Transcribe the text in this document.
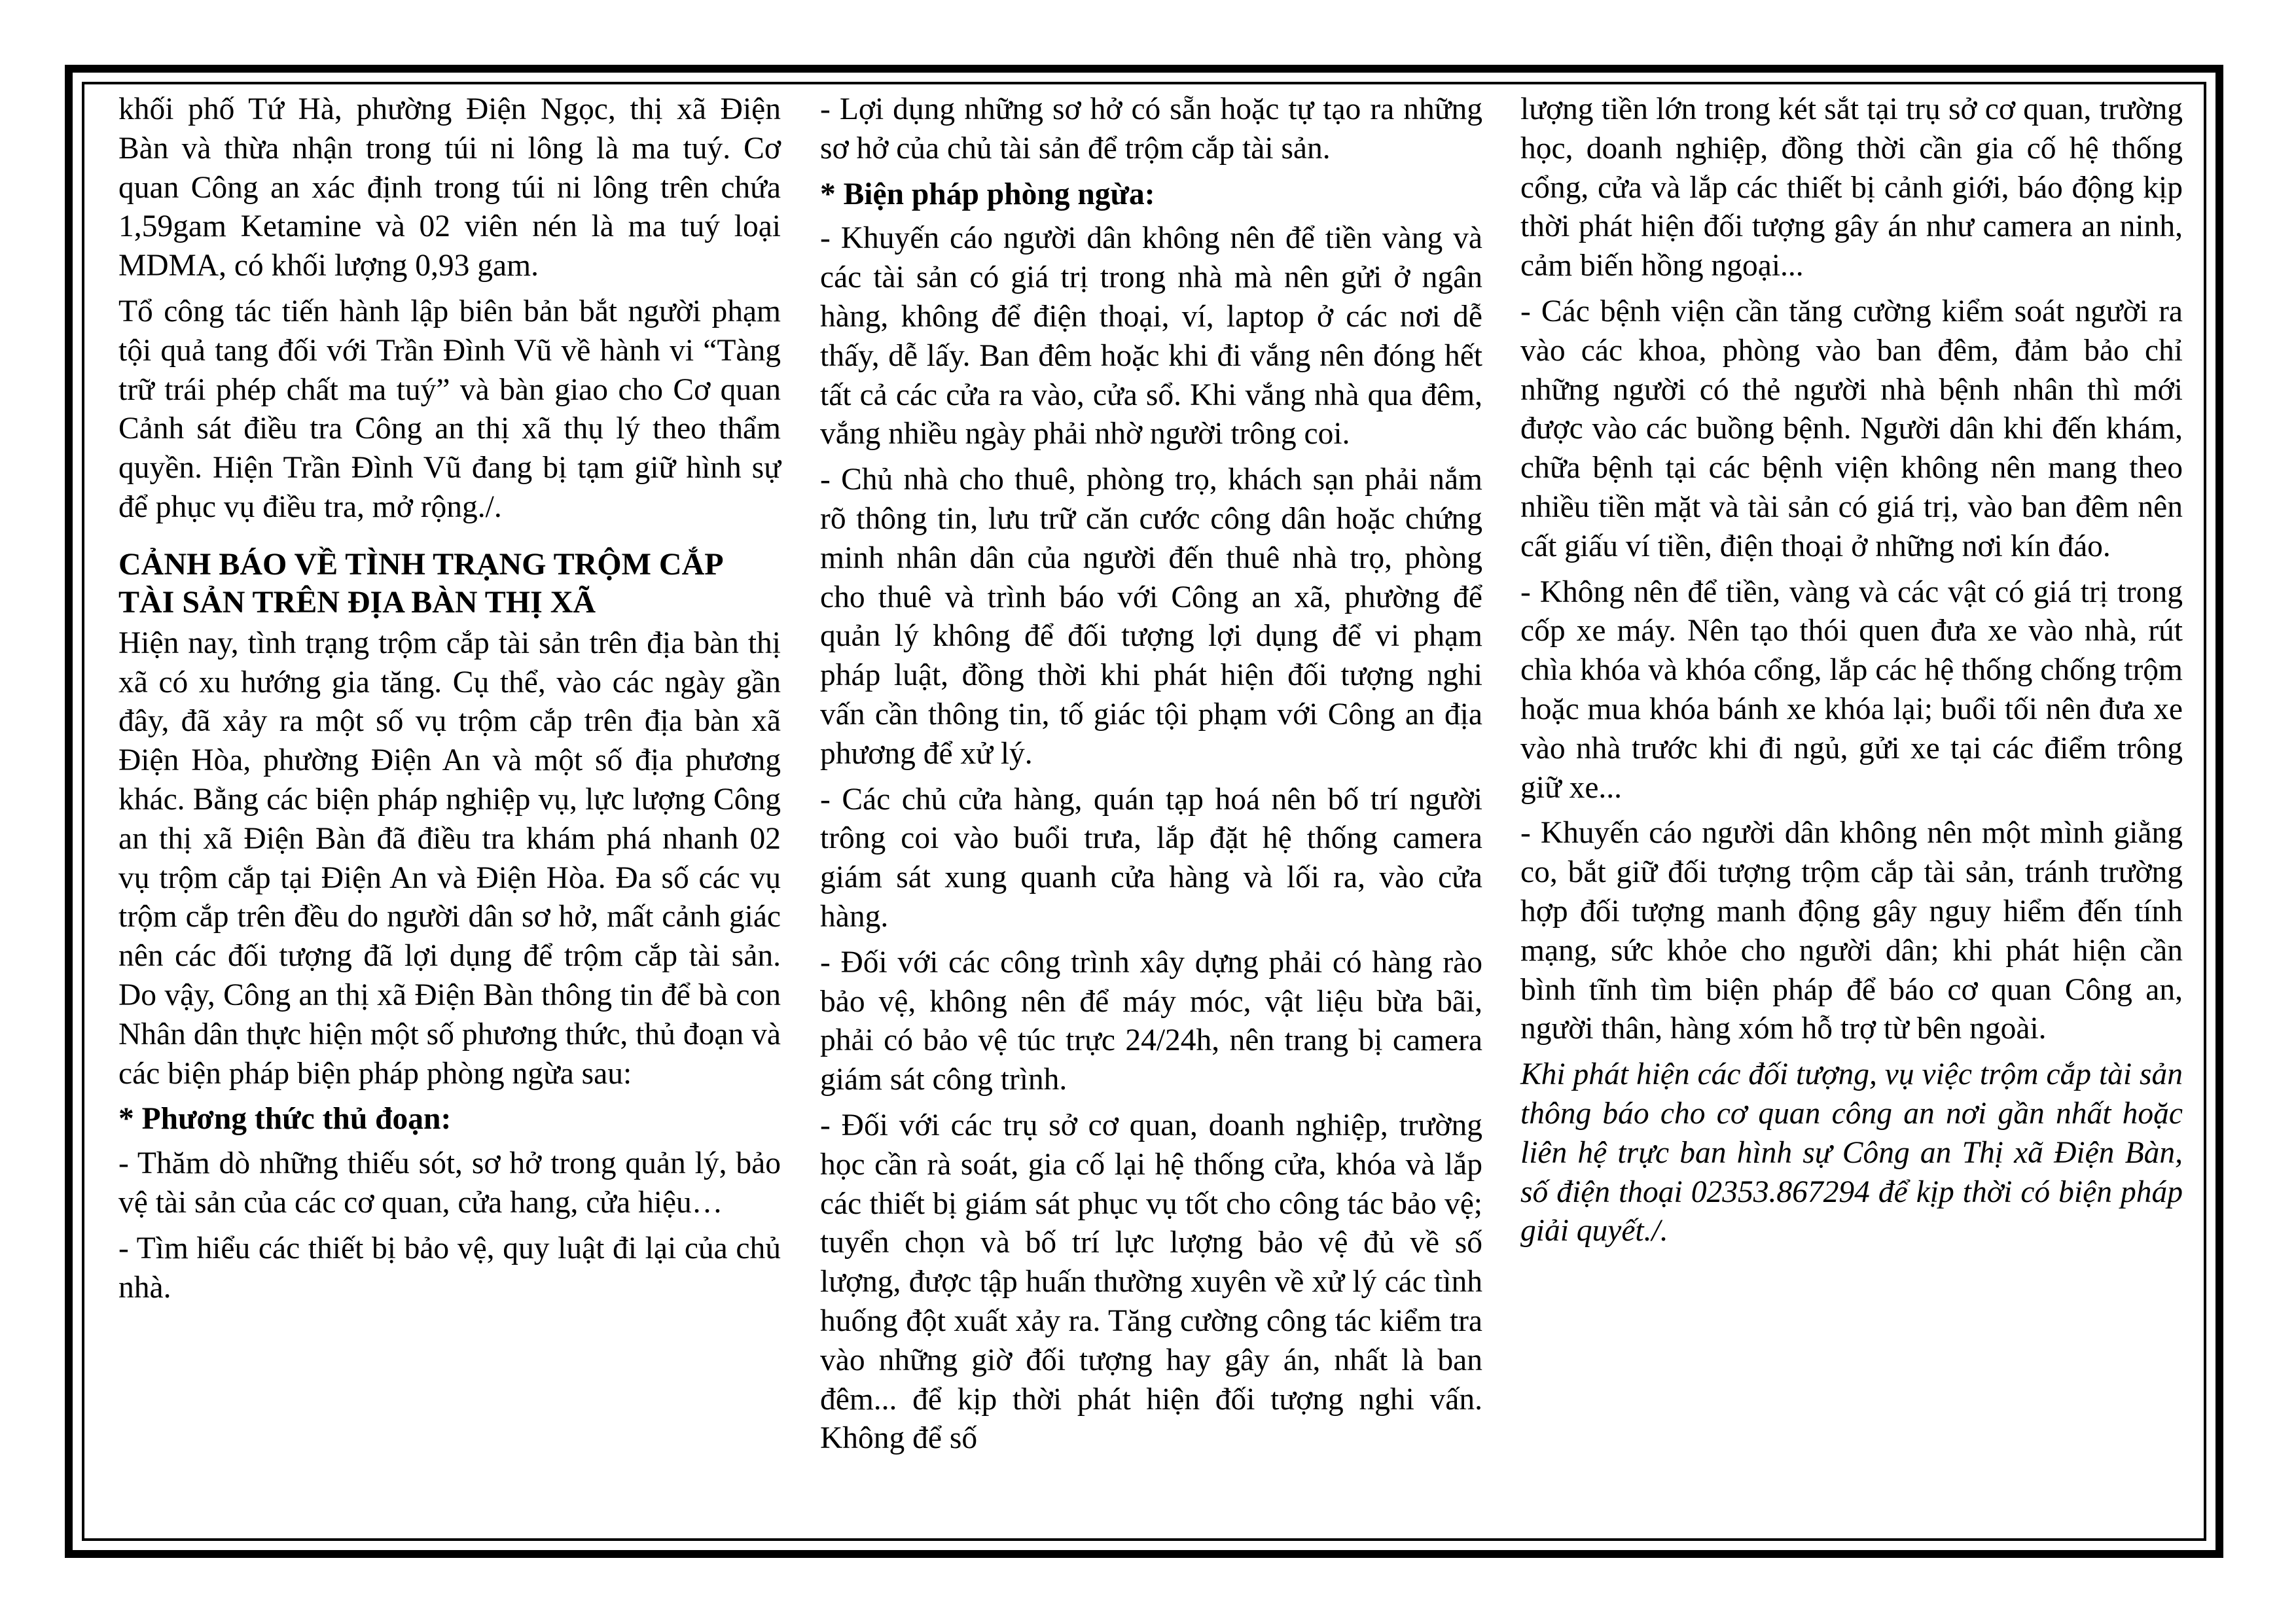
khối phố Tứ Hà, phường Điện Ngọc, thị xã Điện Bàn và thừa nhận trong túi ni lông là ma tuý. Cơ quan Công an xác định trong túi ni lông trên chứa 1,59gam Ketamine và 02 viên nén là ma tuý loại MDMA, có khối lượng 0,93 gam.

Tổ công tác tiến hành lập biên bản bắt người phạm tội quả tang đối với Trần Đình Vũ về hành vi “Tàng trữ trái phép chất ma tuý” và bàn giao cho Cơ quan Cảnh sát điều tra Công an thị xã thụ lý theo thẩm quyền. Hiện Trần Đình Vũ đang bị tạm giữ hình sự để phục vụ điều tra, mở rộng./.

CẢNH BÁO VỀ TÌNH TRẠNG TRỘM CẮP TÀI SẢN TRÊN ĐỊA BÀN THỊ XÃ

Hiện nay, tình trạng trộm cắp tài sản trên địa bàn thị xã có xu hướng gia tăng. Cụ thể, vào các ngày gần đây, đã xảy ra một số vụ trộm cắp trên địa bàn xã Điện Hòa, phường Điện An và một số địa phương khác. Bằng các biện pháp nghiệp vụ, lực lượng Công an thị xã Điện Bàn đã điều tra khám phá nhanh 02 vụ trộm cắp tại Điện An và Điện Hòa. Đa số các vụ trộm cắp trên đều do người dân sơ hở, mất cảnh giác nên các đối tượng đã lợi dụng để trộm cắp tài sản. Do vậy, Công an thị xã Điện Bàn thông tin để bà con Nhân dân thực hiện một số phương thức, thủ đoạn và các biện pháp biện pháp phòng ngừa sau:

* Phương thức thủ đoạn:

- Thăm dò những thiếu sót, sơ hở trong quản lý, bảo vệ tài sản của các cơ quan, cửa hang, cửa hiệu…

- Tìm hiểu các thiết bị bảo vệ, quy luật đi lại của chủ nhà.

- Lợi dụng những sơ hở có sẵn hoặc tự tạo ra những sơ hở của chủ tài sản để trộm cắp tài sản.

* Biện pháp phòng ngừa:

- Khuyến cáo người dân không nên để tiền vàng và các tài sản có giá trị trong nhà mà nên gửi ở ngân hàng, không để điện thoại, ví, laptop ở các nơi dễ thấy, dễ lấy. Ban đêm hoặc khi đi vắng nên đóng hết tất cả các cửa ra vào, cửa sổ. Khi vắng nhà qua đêm, vắng nhiều ngày phải nhờ người trông coi.

- Chủ nhà cho thuê, phòng trọ, khách sạn phải nắm rõ thông tin, lưu trữ căn cước công dân hoặc chứng minh nhân dân của người đến thuê nhà trọ, phòng cho thuê và trình báo với Công an xã, phường để quản lý không để đối tượng lợi dụng để vi phạm pháp luật, đồng thời khi phát hiện đối tượng nghi vấn cần thông tin, tố giác tội phạm với Công an địa phương để xử lý.

- Các chủ cửa hàng, quán tạp hoá nên bố trí người trông coi vào buổi trưa, lắp đặt hệ thống camera giám sát xung quanh cửa hàng và lối ra, vào cửa hàng.

- Đối với các công trình xây dựng phải có hàng rào bảo vệ, không nên để máy móc, vật liệu bừa bãi, phải có bảo vệ túc trực 24/24h, nên trang bị camera giám sát công trình.

- Đối với các trụ sở cơ quan, doanh nghiệp, trường học cần rà soát, gia cố lại hệ thống cửa, khóa và lắp các thiết bị giám sát phục vụ tốt cho công tác bảo vệ; tuyển chọn và bố trí lực lượng bảo vệ đủ về số lượng, được tập huấn thường xuyên về xử lý các tình huống đột xuất xảy ra. Tăng cường công tác kiểm tra vào những giờ đối tượng hay gây án, nhất là ban đêm... để kịp thời phát hiện đối tượng nghi vấn. Không để số

lượng tiền lớn trong két sắt tại trụ sở cơ quan, trường học, doanh nghiệp, đồng thời cần gia cố hệ thống cổng, cửa và lắp các thiết bị cảnh giới, báo động kịp thời phát hiện đối tượng gây án như camera an ninh, cảm biến hồng ngoại...

- Các bệnh viện cần tăng cường kiểm soát người ra vào các khoa, phòng vào ban đêm, đảm bảo chỉ những người có thẻ người nhà bệnh nhân thì mới được vào các buồng bệnh. Người dân khi đến khám, chữa bệnh tại các bệnh viện không nên mang theo nhiều tiền mặt và tài sản có giá trị, vào ban đêm nên cất giấu ví tiền, điện thoại ở những nơi kín đáo.

- Không nên để tiền, vàng và các vật có giá trị trong cốp xe máy. Nên tạo thói quen đưa xe vào nhà, rút chìa khóa và khóa cổng, lắp các hệ thống chống trộm hoặc mua khóa bánh xe khóa lại; buổi tối nên đưa xe vào nhà trước khi đi ngủ, gửi xe tại các điểm trông giữ xe...

- Khuyến cáo người dân không nên một mình giằng co, bắt giữ đối tượng trộm cắp tài sản, tránh trường hợp đối tượng manh động gây nguy hiểm đến tính mạng, sức khỏe cho người dân; khi phát hiện cần bình tĩnh tìm biện pháp để báo cơ quan Công an, người thân, hàng xóm hỗ trợ từ bên ngoài.

Khi phát hiện các đối tượng, vụ việc trộm cắp tài sản thông báo cho cơ quan công an nơi gần nhất hoặc liên hệ trực ban hình sự Công an Thị xã Điện Bàn, số điện thoại 02353.867294 để kịp thời có biện pháp giải quyết./.
